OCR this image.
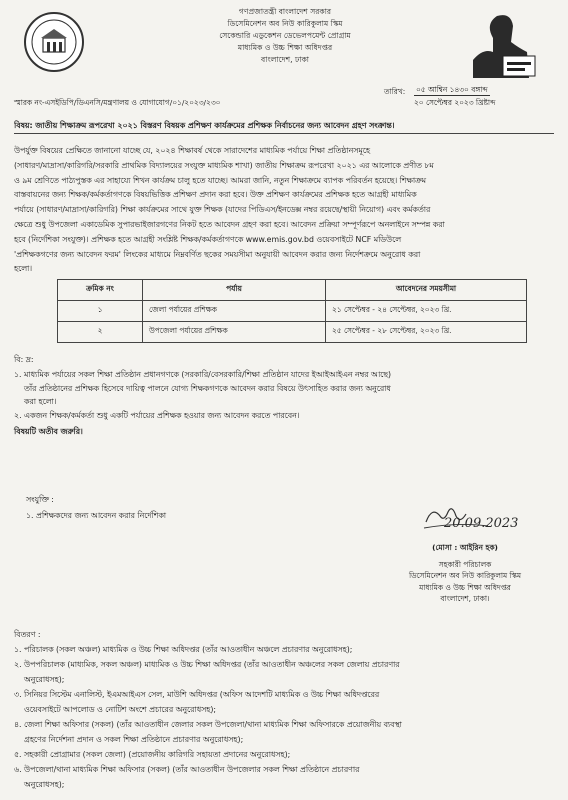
গণপ্রজাতন্ত্রী বাংলাদেশ সরকার
ডিসেমিনেশন অব নিউ কারিকুলাম স্কিম
সেকেন্ডারি এডুকেশন ডেভেলপমেন্ট প্রোগ্রাম
মাধ্যমিক ও উচ্চ শিক্ষা অধিদপ্তর
বাংলাদেশ, ঢাকা
তারিখ: ০৫ আশ্বিন ১৪৩০ বঙ্গাব্দ
২০ সেপ্টেম্বর ২০২৩ খ্রিষ্টাব্দ
স্মারক নং-এসইডিপি/ডিএনসি/মন্ত্রণালয় ও যোগাযোগ/০১/২০২৩/২৩০
বিষয়: জাতীয় শিক্ষাক্রম রূপরেখা ২০২১ বিস্তরণ বিষয়ক প্রশিক্ষণ কার্যক্রমের প্রশিক্ষক নির্বাচনের জন্য আবেদন গ্রহণ সংক্রান্ত।
উপর্যুক্ত বিষয়ের প্রেক্ষিতে জানানো যাচ্ছে যে, ২০২৪ শিক্ষাবর্ষ থেকে সারাদেশের মাধ্যমিক পর্যায়ে শিক্ষা প্রতিষ্ঠানসমূহে
(সাধারণ/মাদ্রাসা/কারিগরি/সরকারি প্রাথমিক বিদ্যালয়ের সংযুক্ত মাধ্যমিক শাখা) জাতীয় শিক্ষাক্রম রূপরেখা ২০২১ এর আলোকে প্রণীত ৮ম
ও ৯ম শ্রেণিতে পাঠ্যপুস্তক এর সাহায্যে শিখন কার্যক্রম চালু হতে যাচ্ছে। আমরা জানি, নতুন শিক্ষাক্রমে ব্যাপক পরিবর্তন হয়েছে। শিক্ষাক্রম
বাস্তবায়নের জন্য শিক্ষক/কর্মকর্তাগণকে বিষয়ভিত্তিক প্রশিক্ষণ প্রদান করা হবে। উক্ত প্রশিক্ষণ কার্যক্রমের প্রশিক্ষক হতে আগ্রহী মাধ্যমিক
পর্যায়ে (সাধারণ/মাদ্রাসা/কারিগরি) শিক্ষা কার্যক্রমের সাথে যুক্ত শিক্ষক (যাদের পিডিএস/ইনডেক্স নম্বর রয়েছে/স্থায়ী নিয়োগ) এবং কর্মকর্তার
ক্ষেত্রে শুধু উপজেলা একাডেমিক সুপারভাইজারগণের নিকট হতে আবেদন গ্রহণ করা হবে। আবেদন প্রক্রিয়া সম্পূর্ণরূপে অনলাইনে সম্পন্ন করা
হবে (নির্দেশিকা সংযুক্ত)। প্রশিক্ষক হতে আগ্রহী সংশ্লিষ্ট শিক্ষক/কর্মকর্তাগণকে www.emis.gov.bd ওয়েবসাইটে NCF মডিউলে
'প্রশিক্ষকগণের জন্য আবেদন ফরম' লিংকের মাধ্যমে নিম্নবর্ণিত ছকের সময়সীমা অনুযায়ী আবেদন করার জন্য নির্দেশক্রমে অনুরোধ করা
হলো।
ক্রমিক নং	পর্যায়	আবেদনের সময়সীমা
১	জেলা পর্যায়ের প্রশিক্ষক	২১ সেপ্টেম্বর - ২৪ সেপ্টেম্বর, ২০২৩ খ্রি.
২	উপজেলা পর্যায়ের প্রশিক্ষক	২৫ সেপ্টেম্বর - ২৮ সেপ্টেম্বর, ২০২৩ খ্রি.
বি: দ্র:
১. মাধ্যমিক পর্যায়ের সকল শিক্ষা প্রতিষ্ঠান প্রধানগণকে (সরকারি/বেসরকারি/শিক্ষা প্রতিষ্ঠান যাদের ইআইআইএন নম্বর আছে)
তাঁর প্রতিষ্ঠানের প্রশিক্ষক হিসেবে দায়িত্ব পালনে যোগ্য শিক্ষকগণকে আবেদন করার বিষয়ে উৎসাহিত করার জন্য অনুরোধ
করা হলো।
২. একজন শিক্ষক/কর্মকর্তা শুধু একটি পর্যায়ের প্রশিক্ষক হওয়ার জন্য আবেদন করতে পারবেন।
বিষয়টি অতীব জরুরি।
সংযুক্তি :
১. প্রশিক্ষকদের জন্য আবেদন করার নির্দেশিকা
20.09.2023
(মোসা : আইরিন হক)
সহকারী পরিচালক
ডিসেমিনেশন অব নিউ কারিকুলাম স্কিম
মাধ্যমিক ও উচ্চ শিক্ষা অধিদপ্তর
বাংলাদেশ, ঢাকা।
বিতরণ :
১. পরিচালক (সকল অঞ্চল) মাধ্যমিক ও উচ্চ শিক্ষা অধিদপ্তর (তাঁর আওতাধীন অঞ্চলে প্রচারণার অনুরোধসহ);
২. উপপরিচালক (মাধ্যমিক, সকল অঞ্চল) মাধ্যমিক ও উচ্চ শিক্ষা অধিদপ্তর (তাঁর আওতাধীন অঞ্চলের সকল জেলায় প্রচারণার
অনুরোধসহ);
৩. সিনিয়র সিস্টেম এনালিস্ট, ইএমআইএস সেল, মাউশি অধিদপ্তর (অফিস আদেশটি মাধ্যমিক ও উচ্চ শিক্ষা অধিদপ্তরের
ওয়েবসাইটে আপলোড ও নোটিশ অংশে প্রচারের অনুরোধসহ);
৪. জেলা শিক্ষা অফিসার (সকল) (তাঁর আওতাধীন জেলার সকল উপজেলা/থানা মাধ্যমিক শিক্ষা অফিসারকে প্রয়োজনীয় ব্যবস্থা
গ্রহণের নির্দেশনা প্রদান ও সকল শিক্ষা প্রতিষ্ঠানে প্রচারণার অনুরোধসহ);
৫. সহকারী প্রোগ্রামার (সকল জেলা) (প্রয়োজনীয় কারিগরি সহায়তা প্রদানের অনুরোধসহ);
৬. উপজেলা/থানা মাধ্যমিক শিক্ষা অফিসার (সকল) (তাঁর আওতাধীন উপজেলার সকল শিক্ষা প্রতিষ্ঠানে প্রচারণার
অনুরোধসহ);
